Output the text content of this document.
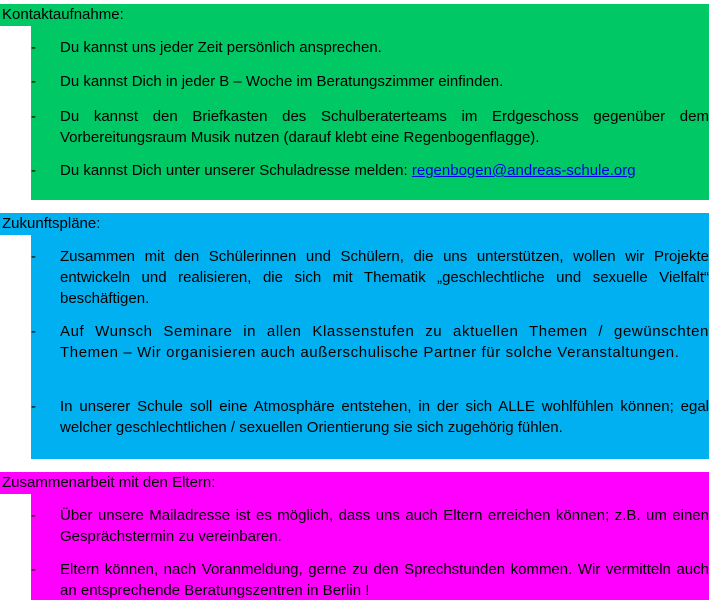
Kontaktaufnahme:
- Du kannst uns jeder Zeit persönlich ansprechen.
- Du kannst Dich in jeder B – Woche im Beratungszimmer einfinden.
- Du kannst den Briefkasten des Schulberaterteams im Erdgeschoss gegenüber dem Vorbereitungsraum Musik nutzen (darauf klebt eine Regenbogenflagge).
- Du kannst Dich unter unserer Schuladresse melden: regenbogen@andreas-schule.org
Zukunftspläne:
- Zusammen mit den Schülerinnen und Schülern, die uns unterstützen, wollen wir Projekte entwickeln und realisieren, die sich mit Thematik „geschlechtliche und sexuelle Vielfalt“ beschäftigen.
- Auf Wunsch Seminare in allen Klassenstufen zu aktuellen Themen / gewünschten Themen – Wir organisieren auch außerschulische Partner für solche Veranstaltungen.
- In unserer Schule soll eine Atmosphäre entstehen, in der sich ALLE wohlfühlen können; egal welcher geschlechtlichen / sexuellen Orientierung sie sich zugehörig fühlen.
Zusammenarbeit mit den Eltern:
- Über unsere Mailadresse ist es möglich, dass uns auch Eltern erreichen können; z.B. um einen Gesprächstermin zu vereinbaren.
- Eltern können, nach Voranmeldung, gerne zu den Sprechstunden kommen. Wir vermitteln auch an entsprechende Beratungszentren in Berlin !
